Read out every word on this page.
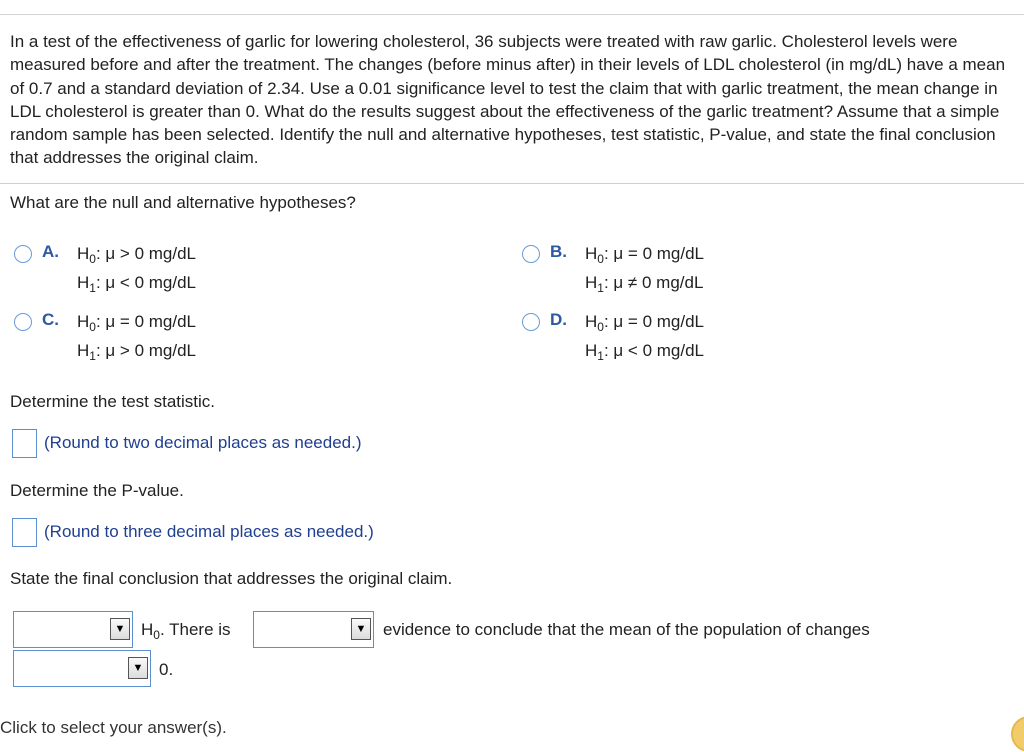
In a test of the effectiveness of garlic for lowering cholesterol, 36 subjects were treated with raw garlic. Cholesterol levels were measured before and after the treatment. The changes (before minus after) in their levels of LDL cholesterol (in mg/dL) have a mean of 0.7 and a standard deviation of 2.34. Use a 0.01 significance level to test the claim that with garlic treatment, the mean change in LDL cholesterol is greater than 0. What do the results suggest about the effectiveness of the garlic treatment? Assume that a simple random sample has been selected. Identify the null and alternative hypotheses, test statistic, P-value, and state the final conclusion that addresses the original claim.
What are the null and alternative hypotheses?
A. $H_0$: μ > 0 mg/dL
$H_1$: μ < 0 mg/dL
B. $H_0$: μ = 0 mg/dL
$H_1$: μ ≠ 0 mg/dL
C. $H_0$: μ = 0 mg/dL
$H_1$: μ > 0 mg/dL
D. $H_0$: μ = 0 mg/dL
$H_1$: μ < 0 mg/dL
Determine the test statistic.
(Round to two decimal places as needed.)
Determine the P-value.
(Round to three decimal places as needed.)
State the final conclusion that addresses the original claim.
▼ $H_0$. There is	▼ evidence to conclude that the mean of the population of changes
▼ 0.
Click to select your answer(s).
